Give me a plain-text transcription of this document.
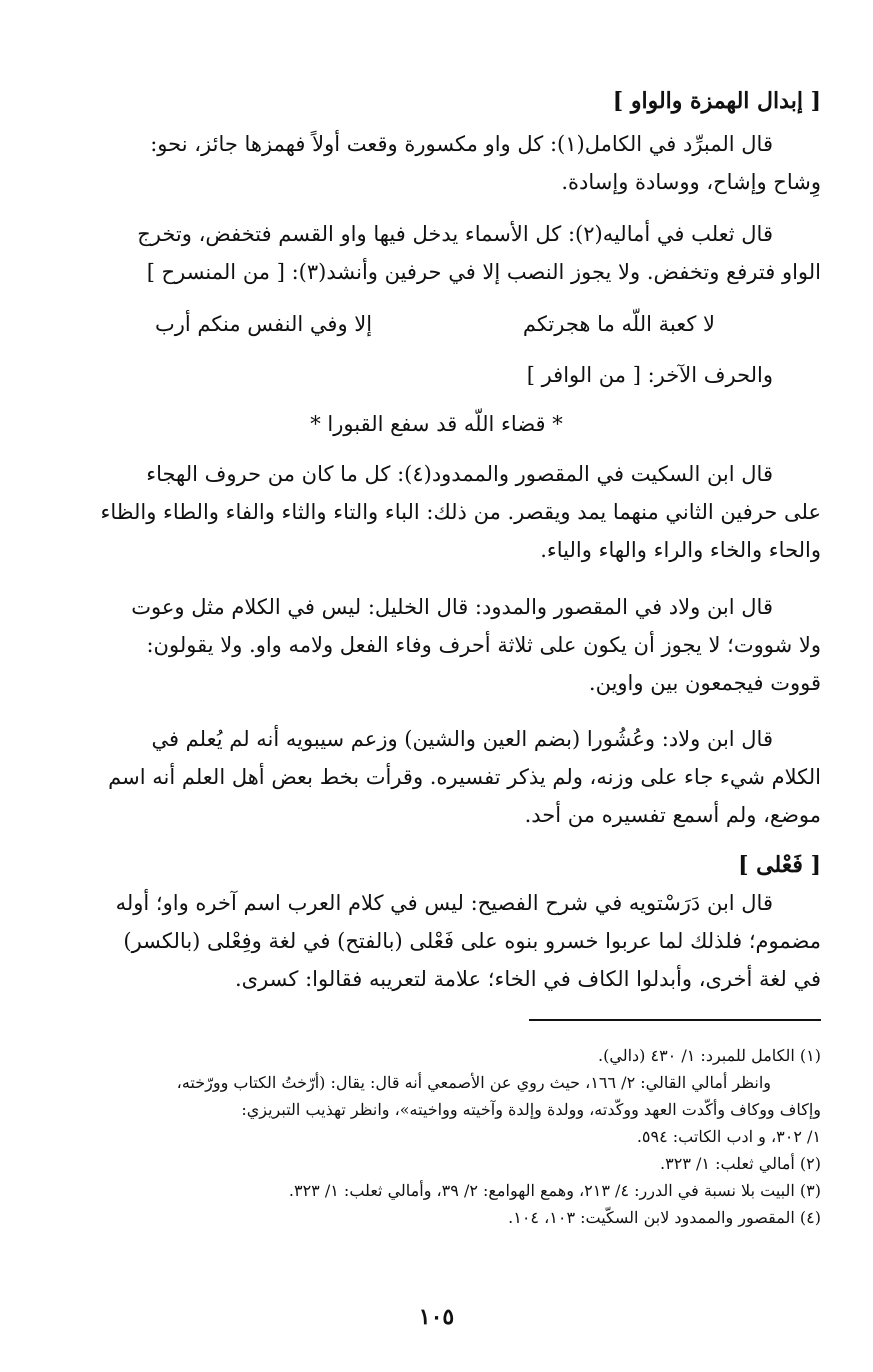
[ إبدال الهمزة والواو ]
قال المبرِّد في الكامل(١): كل واو مكسورة وقعت أولاً فهمزها جائز، نحو:
وِشاح وإشاح، ووسادة وإسادة.
قال ثعلب في أماليه(٢): كل الأسماء يدخل فيها واو القسم فتخفض، وتخرج
الواو فترفع وتخفض. ولا يجوز النصب إلا في حرفين وأنشد(٣): [ من المنسرح ]
لا كعبة اللّه ما هجرتكم
إلا وفي النفس منكم أرب
والحرف الآخر: [ من الوافر ]
* قضاء اللّه قد سفع القبورا *
قال ابن السكيت في المقصور والممدود(٤): كل ما كان من حروف الهجاء
على حرفين الثاني منهما يمد ويقصر. من ذلك: الباء والتاء والثاء والفاء والطاء والظاء
والحاء والخاء والراء والهاء والياء.
قال ابن ولاد في المقصور والمدود: قال الخليل: ليس في الكلام مثل وعوت
ولا شووت؛ لا يجوز أن يكون على ثلاثة أحرف وفاء الفعل ولامه واو. ولا يقولون:
قووت فيجمعون بين واوين.
قال ابن ولاد: وعُشُورا (بضم العين والشين) وزعم سيبويه أنه لم يُعلم في
الكلام شيء جاء على وزنه، ولم يذكر تفسيره. وقرأت بخط بعض أهل العلم أنه اسم
موضع، ولم أسمع تفسيره من أحد.
[ فَعْلى ]
قال ابن دَرَسْتويه في شرح الفصيح: ليس في كلام العرب اسم آخره واو؛ أوله
مضموم؛ فلذلك لما عربوا خسرو بنوه على فَعْلى (بالفتح) في لغة وفِعْلى (بالكسر)
في لغة أخرى، وأبدلوا الكاف في الخاء؛ علامة لتعريبه فقالوا: كسرى.
(١) الكامل للمبرد: ١/ ٤٣٠ (دالي).
وانظر أمالي القالي: ٢/ ١٦٦، حيث روي عن الأصمعي أنه قال: يقال: (أرّختُ الكتاب وورّخته،
وإكاف ووكاف وأكّدت العهد ووكّدته، وولدة وإلدة وآخيته وواخيته»، وانظر تهذيب التبريزي:
١/ ٣٠٢، و ادب الكاتب: ٥٩٤.
(٢) أمالي ثعلب: ١/ ٣٢٣.
(٣) البيت بلا نسبة في الدرر: ٤/ ٢١٣، وهمع الهوامع: ٢/ ٣٩، وأمالي ثعلب: ١/ ٣٢٣.
(٤) المقصور والممدود لابن السكّيت: ١٠٣، ١٠٤.
١٠٥
